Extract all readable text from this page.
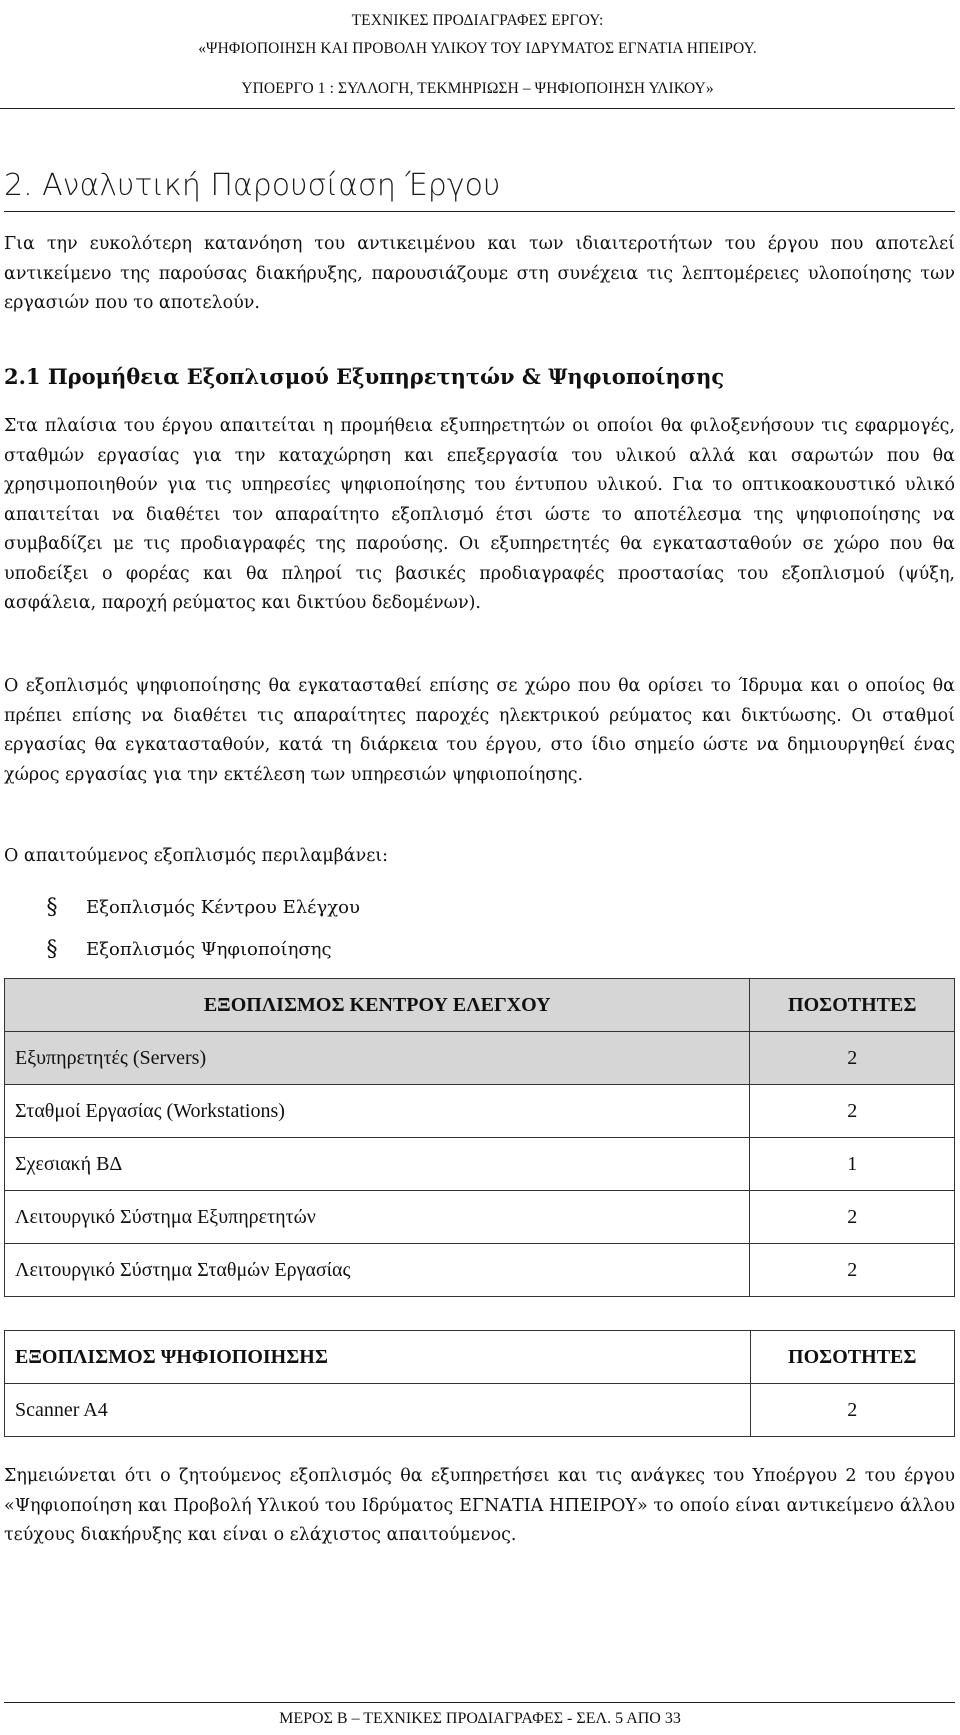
ΤΕΧΝΙΚΕΣ ΠΡΟΔΙΑΓΡΑΦΕΣ ΕΡΓΟΥ:
«ΨΗΦΙΟΠΟΙΗΣΗ ΚΑΙ ΠΡΟΒΟΛΗ ΥΛΙΚΟΥ ΤΟΥ ΙΔΡΥΜΑΤΟΣ ΕΓΝΑΤΙΑ ΗΠΕΙΡΟΥ.
ΥΠΟΕΡΓΟ 1 : ΣΥΛΛΟΓΗ, ΤΕΚΜΗΡΙΩΣΗ – ΨΗΦΙΟΠΟΙΗΣΗ ΥΛΙΚΟΥ»
2. Αναλυτική Παρουσίαση Έργου

Για την ευκολότερη κατανόηση του αντικειμένου και των ιδιαιτεροτήτων του έργου που αποτελεί αντικείμενο της παρούσας διακήρυξης, παρουσιάζουμε στη συνέχεια τις λεπτομέρειες υλοποίησης των εργασιών που το αποτελούν.

2.1 Προμήθεια Εξοπλισμού Εξυπηρετητών & Ψηφιοποίησης

Στα πλαίσια του έργου απαιτείται η προμήθεια εξυπηρετητών οι οποίοι θα φιλοξενήσουν τις εφαρμογές, σταθμών εργασίας για την καταχώρηση και επεξεργασία του υλικού αλλά και σαρωτών που θα χρησιμοποιηθούν για τις υπηρεσίες ψηφιοποίησης του έντυπου υλικού. Για το οπτικοακουστικό υλικό απαιτείται να διαθέτει τον απαραίτητο εξοπλισμό έτσι ώστε το αποτέλεσμα της ψηφιοποίησης να συμβαδίζει με τις προδιαγραφές της παρούσης. Οι εξυπηρετητές θα εγκατασταθούν σε χώρο που θα υποδείξει ο φορέας και θα πληροί τις βασικές προδιαγραφές προστασίας του εξοπλισμού (ψύξη, ασφάλεια, παροχή ρεύματος και δικτύου δεδομένων).

Ο εξοπλισμός ψηφιοποίησης θα εγκατασταθεί επίσης σε χώρο που θα ορίσει το Ίδρυμα και ο οποίος θα πρέπει επίσης να διαθέτει τις απαραίτητες παροχές ηλεκτρικού ρεύματος και δικτύωσης. Οι σταθμοί εργασίας θα εγκατασταθούν, κατά τη διάρκεια του έργου, στο ίδιο σημείο ώστε να δημιουργηθεί ένας χώρος εργασίας για την εκτέλεση των υπηρεσιών ψηφιοποίησης.

Ο απαιτούμενος εξοπλισμός περιλαμβάνει:

§	Εξοπλισμός Κέντρου Ελέγχου
§	Εξοπλισμός Ψηφιοποίησης
ΕΞΟΠΛΙΣΜΟΣ ΚΕΝΤΡΟΥ ΕΛΕΓΧΟΥ	ΠΟΣΟΤΗΤΕΣ
Εξυπηρετητές (Servers)	2
Σταθμοί Εργασίας (Workstations)	2
Σχεσιακή ΒΔ	1
Λειτουργικό Σύστημα Εξυπηρετητών	2
Λειτουργικό Σύστημα Σταθμών Εργασίας	2
ΕΞΟΠΛΙΣΜΟΣ ΨΗΦΙΟΠΟΙΗΣΗΣ	ΠΟΣΟΤΗΤΕΣ
Scanner A4	2

Σημειώνεται ότι ο ζητούμενος εξοπλισμός θα εξυπηρετήσει και τις ανάγκες του Υποέργου 2 του έργου «Ψηφιοποίηση και Προβολή Υλικού του Ιδρύματος ΕΓΝΑΤΙΑ ΗΠΕΙΡΟΥ» το οποίο είναι αντικείμενο άλλου τεύχους διακήρυξης και είναι ο ελάχιστος απαιτούμενος.

ΜΕΡΟΣ Β – ΤΕΧΝΙΚΕΣ ΠΡΟΔΙΑΓΡΑΦΕΣ - ΣΕΛ. 5 ΑΠΟ 33
